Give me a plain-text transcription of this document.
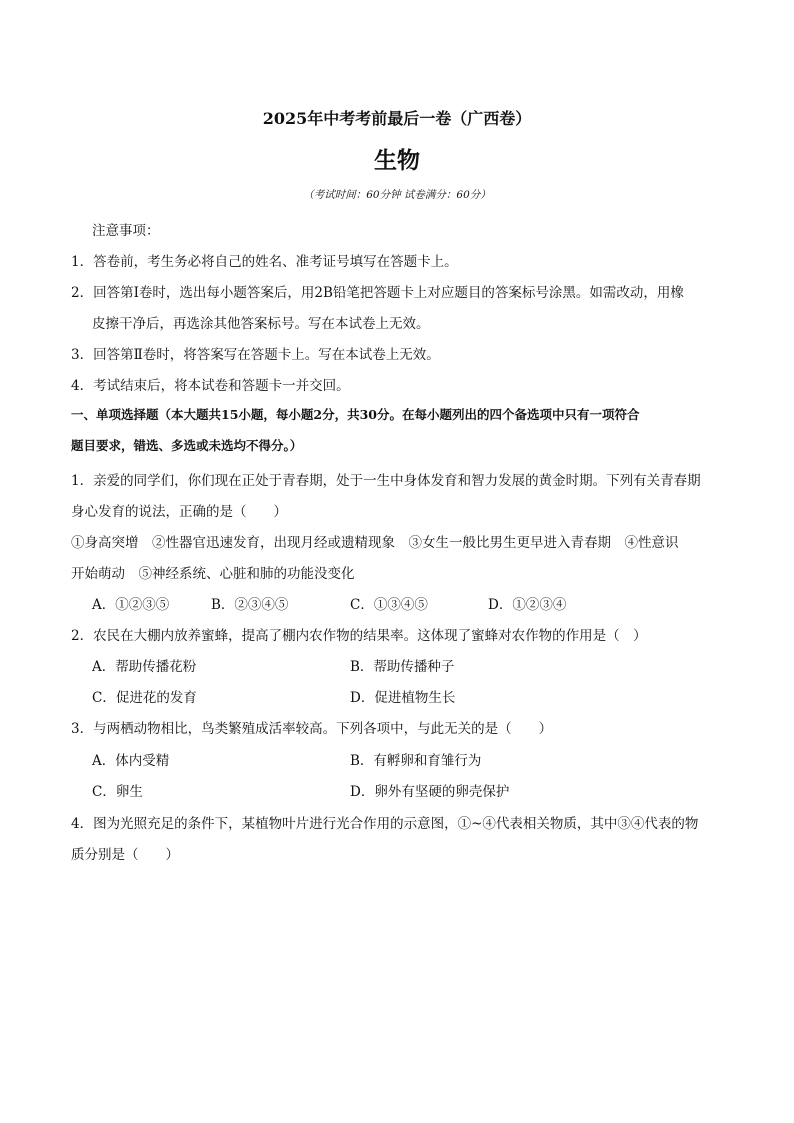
2025年中考考前最后一卷（广西卷）
生物
（考试时间：60分钟 试卷满分：60分）
注意事项：
1．答卷前，考生务必将自己的姓名、准考证号填写在答题卡上。
2．回答第Ⅰ卷时，选出每小题答案后，用2B铅笔把答题卡上对应题目的答案标号涂黑。如需改动，用橡
皮擦干净后，再选涂其他答案标号。写在本试卷上无效。
3．回答第Ⅱ卷时，将答案写在答题卡上。写在本试卷上无效。
4．考试结束后，将本试卷和答题卡一并交回。
一、单项选择题（本大题共15小题，每小题2分，共30分。在每小题列出的四个备选项中只有一项符合
题目要求，错选、多选或未选均不得分。）
1．亲爱的同学们，你们现在正处于青春期，处于一生中身体发育和智力发展的黄金时期。下列有关青春期
身心发育的说法，正确的是（　　）
①身高突增　②性器官迅速发育，出现月经或遗精现象　③女生一般比男生更早进入青春期　④性意识
开始萌动　⑤神经系统、心脏和肺的功能没变化
A．①②③⑤	B．②③④⑤	C．①③④⑤	D．①②③④
2．农民在大棚内放养蜜蜂，提高了棚内农作物的结果率。这体现了蜜蜂对农作物的作用是（　）
A．帮助传播花粉	B．帮助传播种子
C．促进花的发育	D．促进植物生长
3．与两栖动物相比，鸟类繁殖成活率较高。下列各项中，与此无关的是（　　）
A．体内受精	B．有孵卵和育雏行为
C．卵生	D．卵外有坚硬的卵壳保护
4．图为光照充足的条件下，某植物叶片进行光合作用的示意图，①~④代表相关物质，其中③④代表的物
质分别是（　　）
